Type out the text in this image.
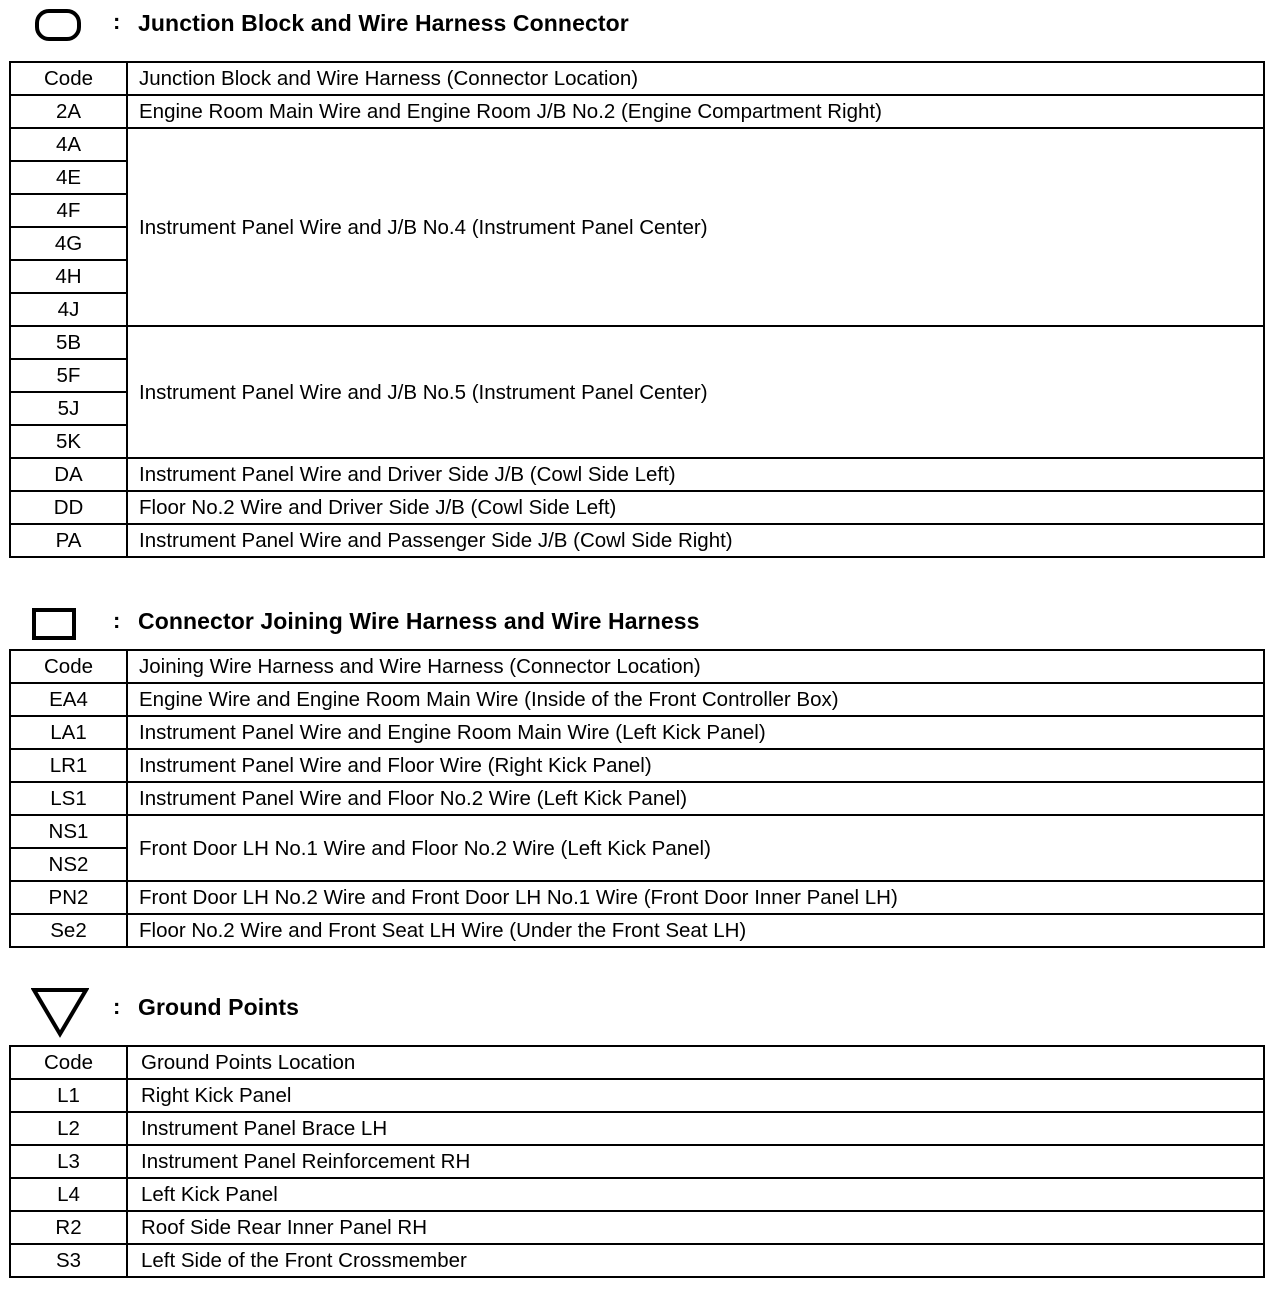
: Junction Block and Wire Harness Connector
Code	Junction Block and Wire Harness (Connector Location)
2A	Engine Room Main Wire and Engine Room J/B No.2 (Engine Compartment Right)
4A	Instrument Panel Wire and J/B No.4 (Instrument Panel Center)
4E	
4F	
4G	
4H	
4J	
5B	Instrument Panel Wire and J/B No.5 (Instrument Panel Center)
5F	
5J	
5K	
DA	Instrument Panel Wire and Driver Side J/B (Cowl Side Left)
DD	Floor No.2 Wire and Driver Side J/B (Cowl Side Left)
PA	Instrument Panel Wire and Passenger Side J/B (Cowl Side Right)
: Connector Joining Wire Harness and Wire Harness
Code	Joining Wire Harness and Wire Harness (Connector Location)
EA4	Engine Wire and Engine Room Main Wire (Inside of the Front Controller Box)
LA1	Instrument Panel Wire and Engine Room Main Wire (Left Kick Panel)
LR1	Instrument Panel Wire and Floor Wire (Right Kick Panel)
LS1	Instrument Panel Wire and Floor No.2 Wire (Left Kick Panel)
NS1	Front Door LH No.1 Wire and Floor No.2 Wire (Left Kick Panel)
NS2	
PN2	Front Door LH No.2 Wire and Front Door LH No.1 Wire (Front Door Inner Panel LH)
Se2	Floor No.2 Wire and Front Seat LH Wire (Under the Front Seat LH)
: Ground Points
Code	Ground Points Location
L1	Right Kick Panel
L2	Instrument Panel Brace LH
L3	Instrument Panel Reinforcement RH
L4	Left Kick Panel
R2	Roof Side Rear Inner Panel RH
S3	Left Side of the Front Crossmember
